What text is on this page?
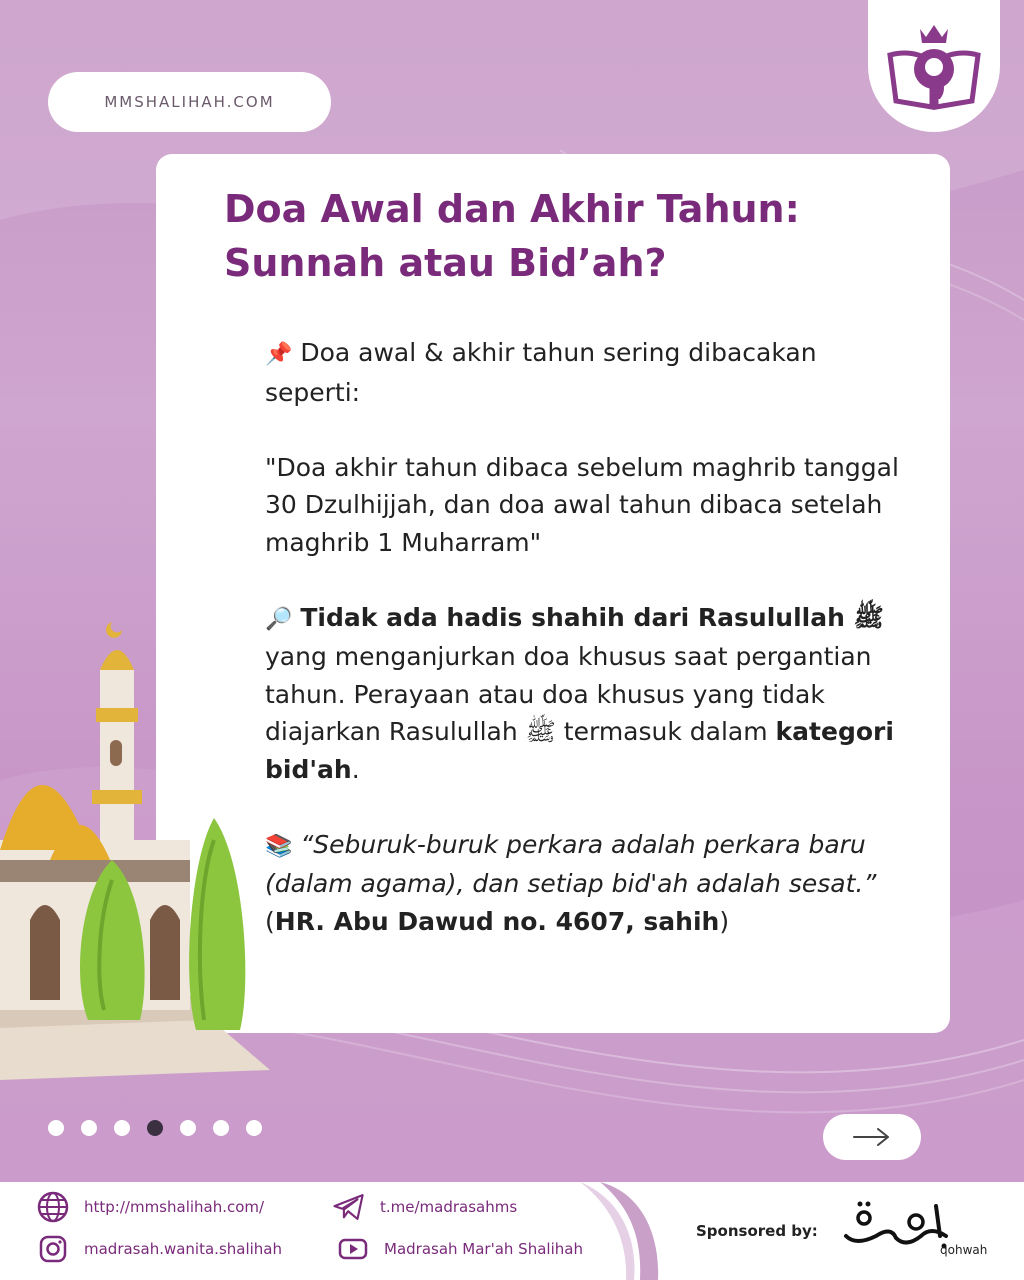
MMSHALIHAH.COM
Doa Awal dan Akhir Tahun:
Sunnah atau Bid’ah?

📌 Doa awal & akhir tahun sering dibacakan seperti:

"Doa akhir tahun dibaca sebelum maghrib tanggal 30 Dzulhijjah, dan doa awal tahun dibaca setelah maghrib 1 Muharram"

🔎 Tidak ada hadis shahih dari Rasulullah ﷺ yang menganjurkan doa khusus saat pergantian tahun. Perayaan atau doa khusus yang tidak diajarkan Rasulullah ﷺ termasuk dalam kategori bid'ah.

📚 “Seburuk-buruk perkara adalah perkara baru (dalam agama), dan setiap bid'ah adalah sesat.”
(HR. Abu Dawud no. 4607, sahih)

http://mmshalihah.com/
madrasah.wanita.shalihah
t.me/madrasahms
Madrasah Mar'ah Shalihah
Sponsored by:
qohwah
